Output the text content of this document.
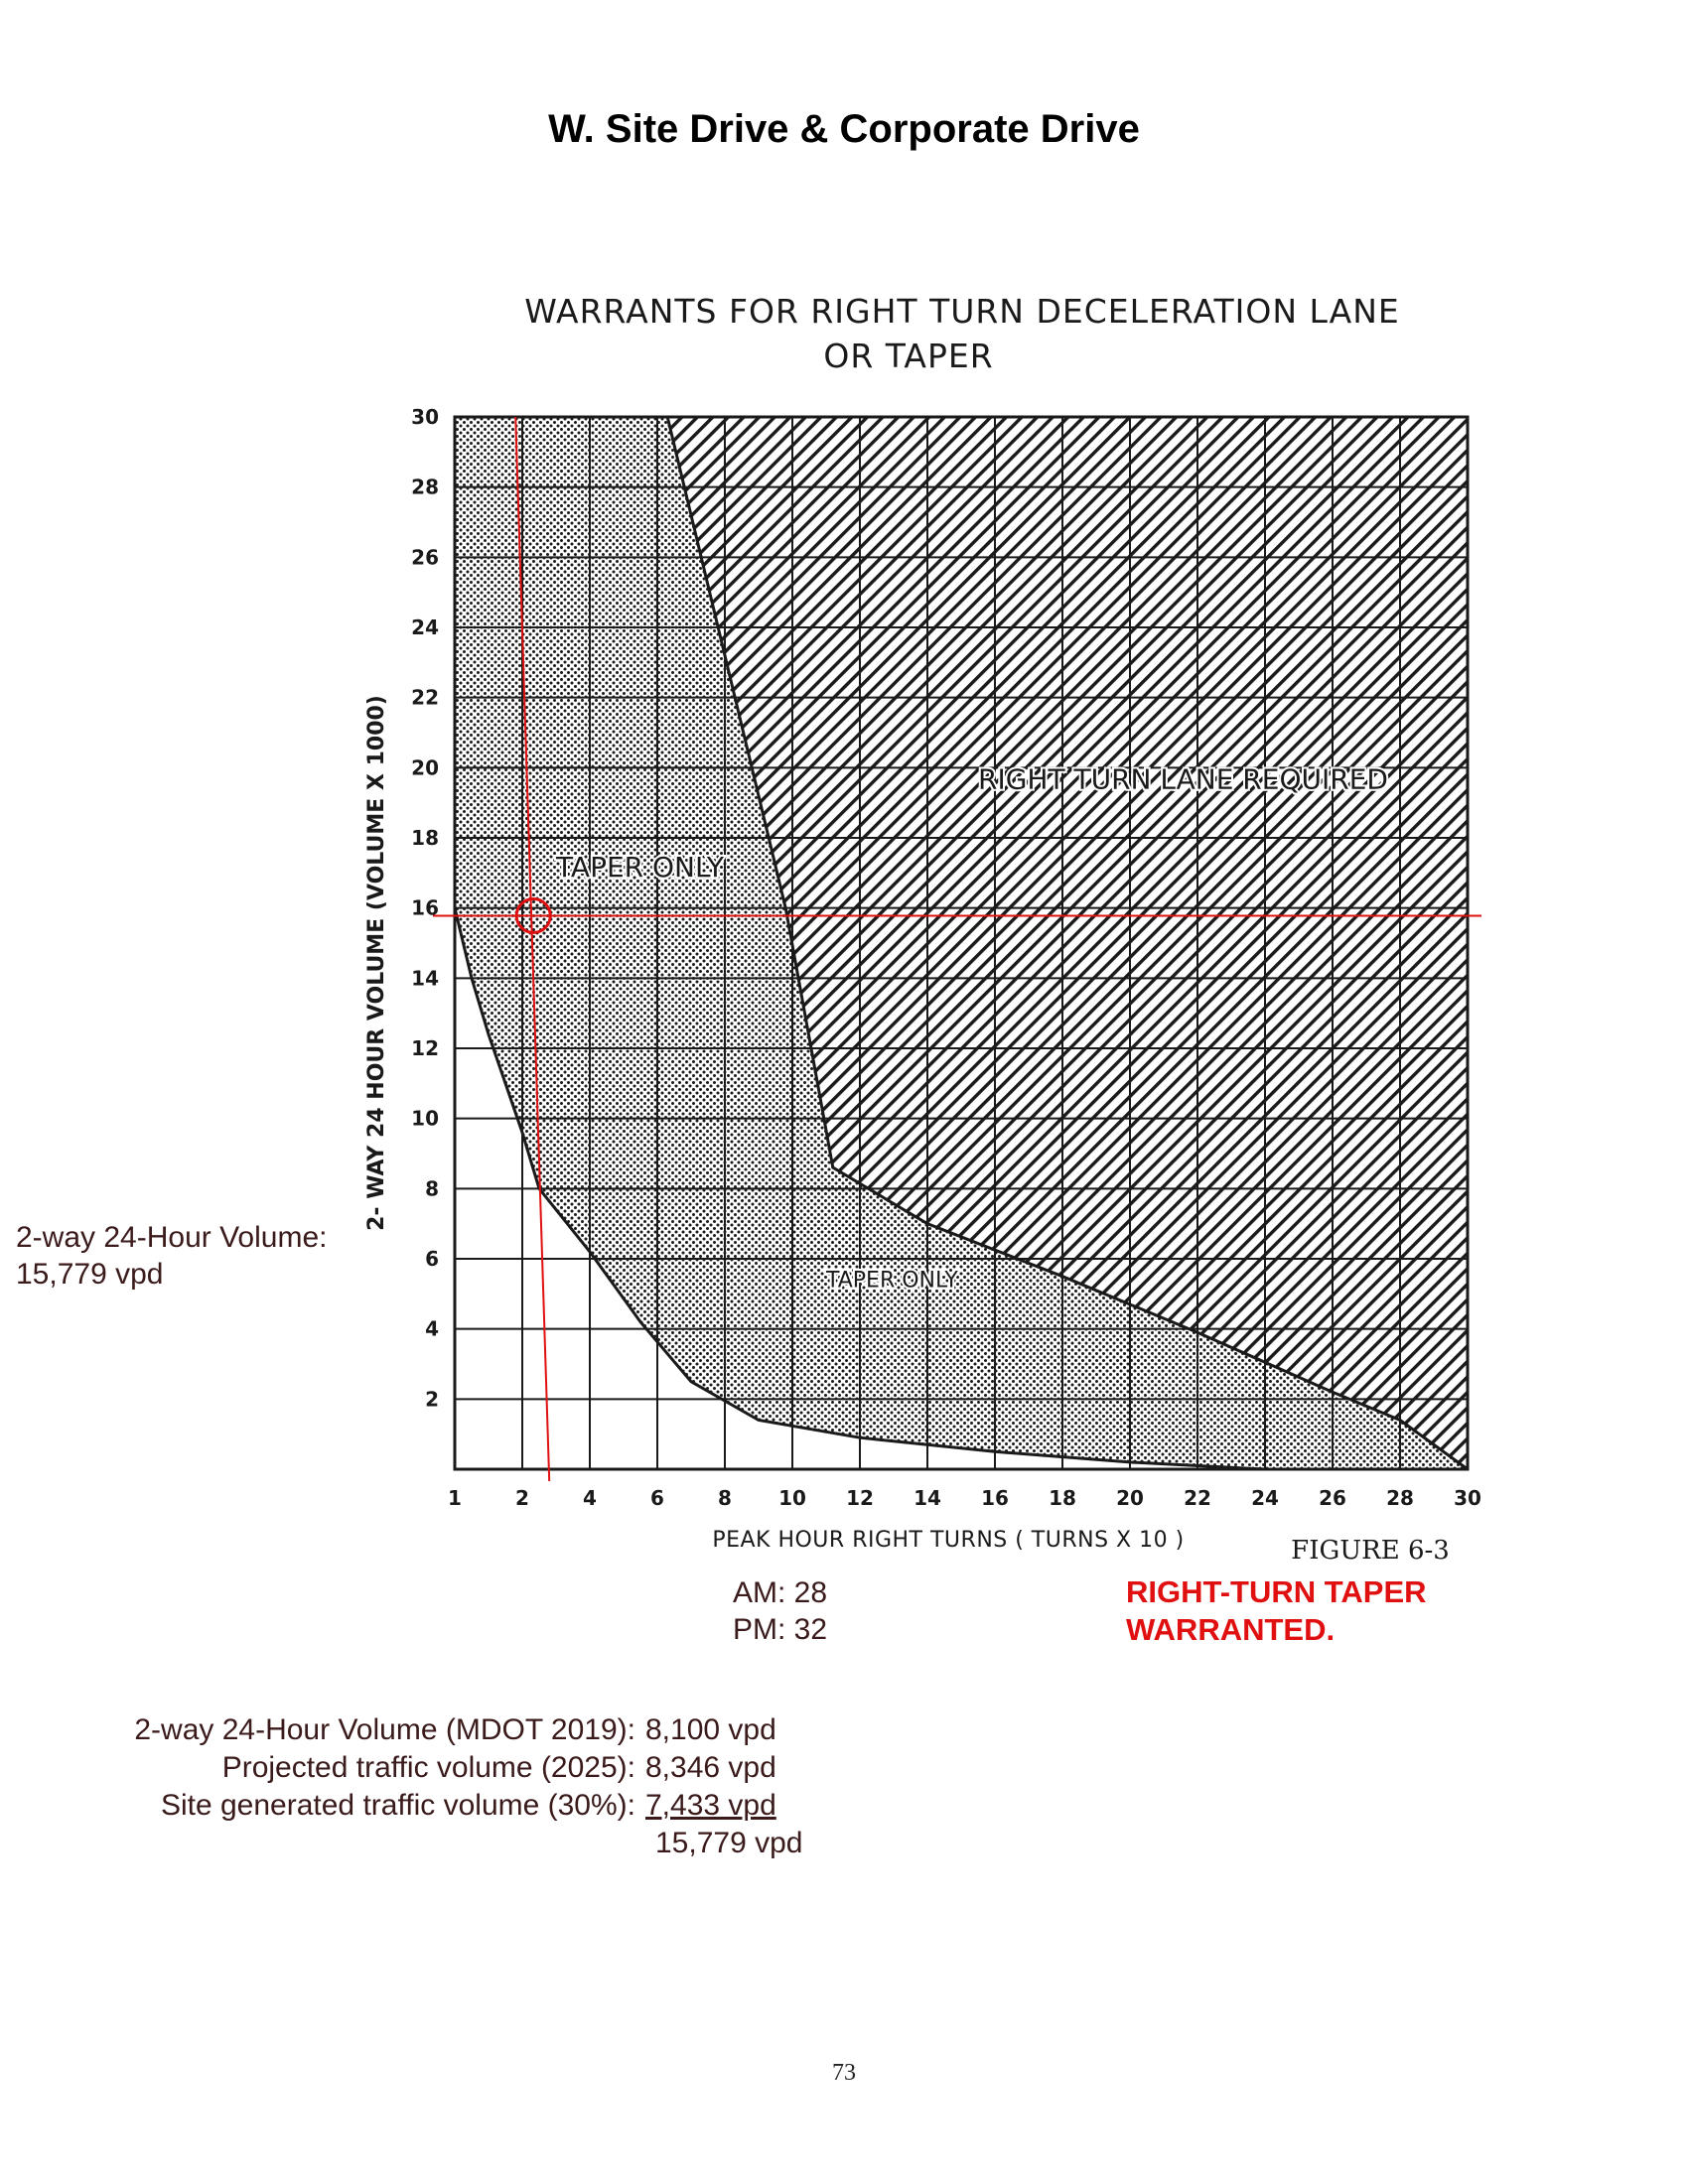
W. Site Drive & Corporate Drive
WARRANTS FOR RIGHT TURN DECELERATION LANE
OR TAPER
TAPER ONLY
RIGHT TURN LANE REQUIRED
TAPER ONLY
1	2	4	6	8 10 12 14 16 18 20 22 24 26 28 30
2
4
6
8
10
12
14
16
18
20
22
24
26
28
30
PEAK HOUR RIGHT TURNS ( TURNS X 10 )
2- WAY 24 HOUR VOLUME (VOLUME X 1000)
FIGURE 6-3
2-way 24-Hour Volume:
15,779 vpd
AM: 28
PM: 32
RIGHT-TURN TAPER
WARRANTED.
2-way 24-Hour Volume (MDOT 2019): 8,100 vpd
Projected traffic volume (2025): 8,346 vpd
Site generated traffic volume (30%): 7,433 vpd
15,779 vpd
73
